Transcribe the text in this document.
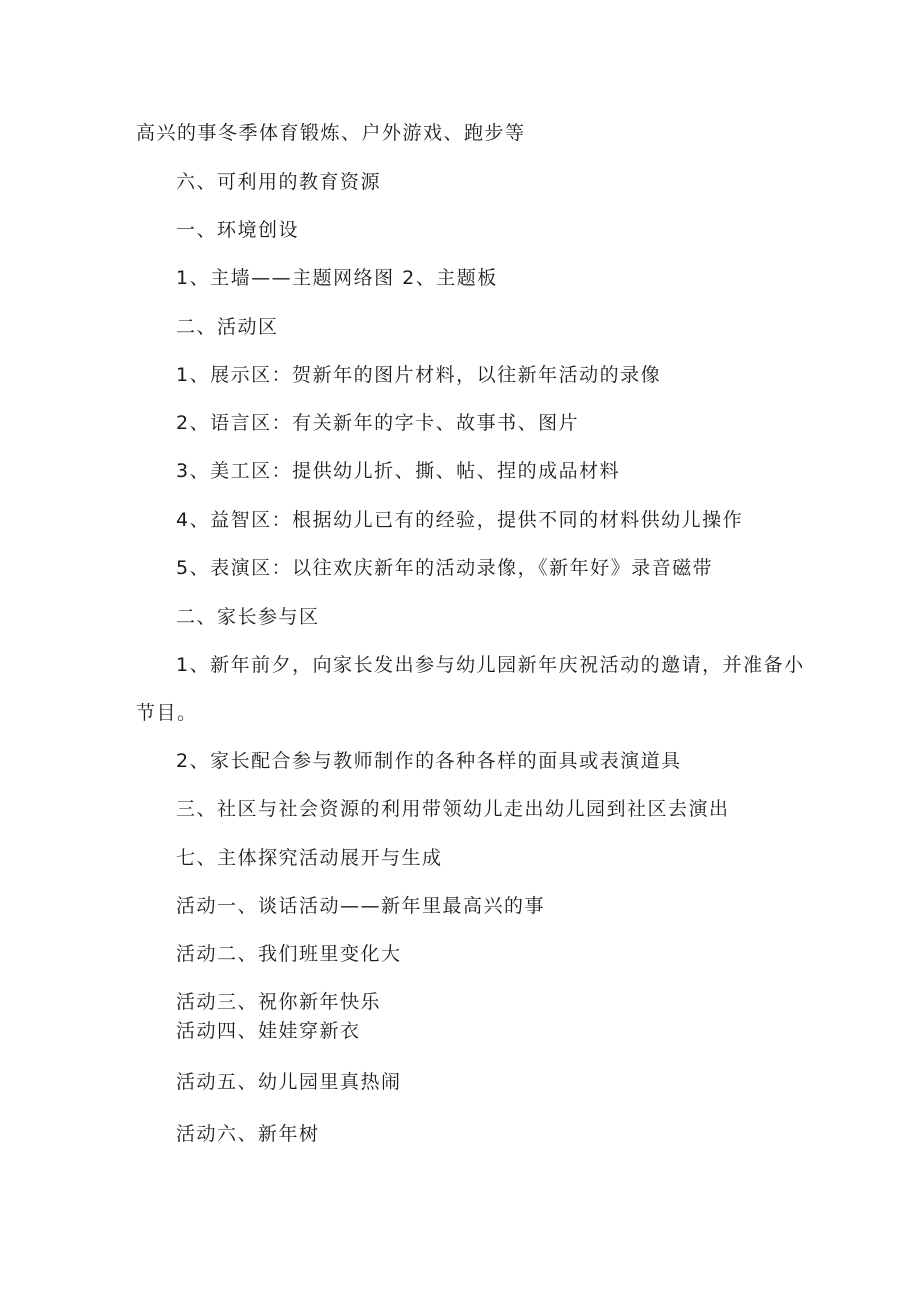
高兴的事冬季体育锻炼、户外游戏、跑步等
六、可利用的教育资源
一、环境创设
1、主墙——主题网络图 2、主题板
二、活动区
1、展示区：贺新年的图片材料，以往新年活动的录像
2、语言区：有关新年的字卡、故事书、图片
3、美工区：提供幼儿折、撕、帖、捏的成品材料
4、益智区：根据幼儿已有的经验，提供不同的材料供幼儿操作
5、表演区：以往欢庆新年的活动录像，《新年好》录音磁带
二、家长参与区
1、新年前夕，向家长发出参与幼儿园新年庆祝活动的邀请，并准备小
节目。
2、家长配合参与教师制作的各种各样的面具或表演道具
三、社区与社会资源的利用带领幼儿走出幼儿园到社区去演出
七、主体探究活动展开与生成
活动一、谈话活动——新年里最高兴的事
活动二、我们班里变化大
活动三、祝你新年快乐
活动四、娃娃穿新衣
活动五、幼儿园里真热闹
活动六、新年树
